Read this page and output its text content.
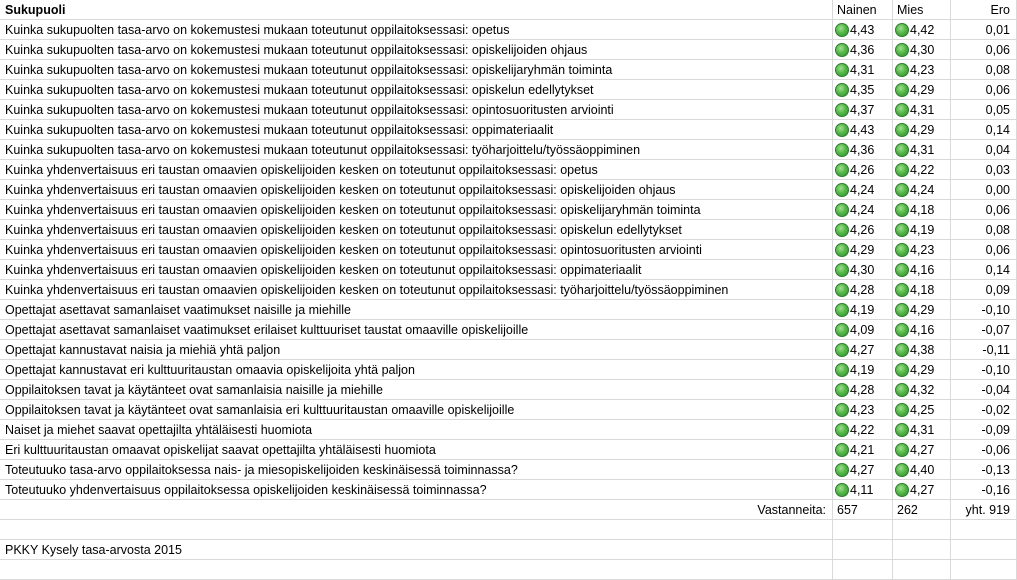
Sukupuoli	Nainen	Mies	Ero
Kuinka sukupuolten tasa-arvo on kokemustesi mukaan toteutunut oppilaitoksessasi: opetus	4,43	4,42	0,01
Kuinka sukupuolten tasa-arvo on kokemustesi mukaan toteutunut oppilaitoksessasi: opiskelijoiden ohjaus	4,36	4,30	0,06
Kuinka sukupuolten tasa-arvo on kokemustesi mukaan toteutunut oppilaitoksessasi: opiskelijaryhmän toiminta	4,31	4,23	0,08
Kuinka sukupuolten tasa-arvo on kokemustesi mukaan toteutunut oppilaitoksessasi: opiskelun edellytykset	4,35	4,29	0,06
Kuinka sukupuolten tasa-arvo on kokemustesi mukaan toteutunut oppilaitoksessasi: opintosuoritusten arviointi	4,37	4,31	0,05
Kuinka sukupuolten tasa-arvo on kokemustesi mukaan toteutunut oppilaitoksessasi: oppimateriaalit	4,43	4,29	0,14
Kuinka sukupuolten tasa-arvo on kokemustesi mukaan toteutunut oppilaitoksessasi: työharjoittelu/työssäoppiminen	4,36	4,31	0,04
Kuinka yhdenvertaisuus eri taustan omaavien opiskelijoiden kesken on toteutunut oppilaitoksessasi: opetus	4,26	4,22	0,03
Kuinka yhdenvertaisuus eri taustan omaavien opiskelijoiden kesken on toteutunut oppilaitoksessasi: opiskelijoiden ohjaus	4,24	4,24	0,00
Kuinka yhdenvertaisuus eri taustan omaavien opiskelijoiden kesken on toteutunut oppilaitoksessasi: opiskelijaryhmän toiminta	4,24	4,18	0,06
Kuinka yhdenvertaisuus eri taustan omaavien opiskelijoiden kesken on toteutunut oppilaitoksessasi: opiskelun edellytykset	4,26	4,19	0,08
Kuinka yhdenvertaisuus eri taustan omaavien opiskelijoiden kesken on toteutunut oppilaitoksessasi: opintosuoritusten arviointi	4,29	4,23	0,06
Kuinka yhdenvertaisuus eri taustan omaavien opiskelijoiden kesken on toteutunut oppilaitoksessasi: oppimateriaalit	4,30	4,16	0,14
Kuinka yhdenvertaisuus eri taustan omaavien opiskelijoiden kesken on toteutunut oppilaitoksessasi: työharjoittelu/työssäoppiminen	4,28	4,18	0,09
Opettajat asettavat samanlaiset vaatimukset naisille ja miehille	4,19	4,29	-0,10
Opettajat asettavat samanlaiset vaatimukset erilaiset kulttuuriset taustat omaaville opiskelijoille	4,09	4,16	-0,07
Opettajat kannustavat naisia ja miehiä yhtä paljon	4,27	4,38	-0,11
Opettajat kannustavat eri kulttuuritaustan omaavia opiskelijoita yhtä paljon	4,19	4,29	-0,10
Oppilaitoksen tavat ja käytänteet ovat samanlaisia naisille ja miehille	4,28	4,32	-0,04
Oppilaitoksen tavat ja käytänteet ovat samanlaisia eri kulttuuritaustan omaaville opiskelijoille	4,23	4,25	-0,02
Naiset ja miehet saavat opettajilta yhtäläisesti huomiota	4,22	4,31	-0,09
Eri kulttuuritaustan omaavat opiskelijat saavat opettajilta yhtäläisesti huomiota	4,21	4,27	-0,06
Toteutuuko tasa-arvo oppilaitoksessa nais- ja miesopiskelijoiden keskinäisessä toiminnassa?	4,27	4,40	-0,13
Toteutuuko yhdenvertaisuus oppilaitoksessa opiskelijoiden keskinäisessä toiminnassa?	4,11	4,27	-0,16
Vastanneita: 657	262	yht. 919
PKKY Kysely tasa-arvosta 2015
